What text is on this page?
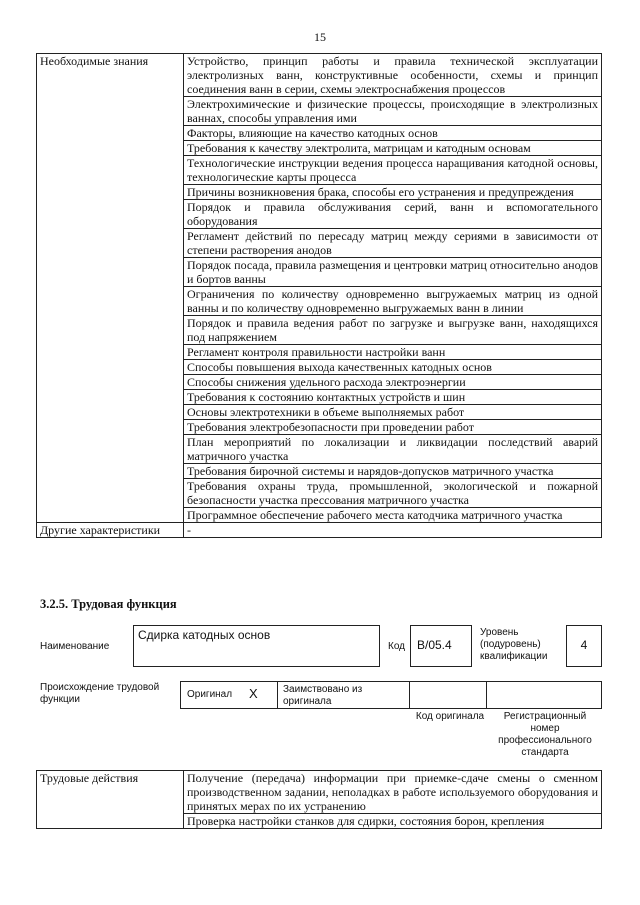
15
Необходимые знания	Устройство, принцип работы и правила технической эксплуатации электролизных ванн, конструктивные особенности, схемы и принцип соединения ванн в серии, схемы электроснабжения процессов
	Электрохимические и физические процессы, происходящие в электролизных ваннах, способы управления ими
	Факторы, влияющие на качество катодных основ
	Требования к качеству электролита, матрицам и катодным основам
	Технологические инструкции ведения процесса наращивания катодной основы, технологические карты процесса
	Причины возникновения брака, способы его устранения и предупреждения
	Порядок и правила обслуживания серий, ванн и вспомогательного оборудования
	Регламент действий по пересаду матриц между сериями в зависимости от степени растворения анодов
	Порядок посада, правила размещения и центровки матриц относительно анодов и бортов ванны
	Ограничения по количеству одновременно выгружаемых матриц из одной ванны и по количеству одновременно выгружаемых ванн в линии
	Порядок и правила ведения работ по загрузке и выгрузке ванн, находящихся под напряжением
	Регламент контроля правильности настройки ванн
	Способы повышения выхода качественных катодных основ
	Способы снижения удельного расхода электроэнергии
	Требования к состоянию контактных устройств и шин
	Основы электротехники в объеме выполняемых работ
	Требования электробезопасности при проведении работ
	План мероприятий по локализации и ликвидации последствий аварий матричного участка
	Требования бирочной системы и нарядов-допусков матричного участка
	Требования охраны труда, промышленной, экологической и пожарной безопасности участка прессования матричного участка
	Программное обеспечение рабочего места катодчика матричного участка
Другие характеристики	-
3.2.5. Трудовая функция
Наименование
Сдирка катодных основ
Код В/05.4
Уровень (подуровень) квалификации
4
Происхождение трудовой функции	Оригинал Х	Заимствовано из оригинала
Код оригинала	Регистрационный номер профессионального стандарта
Трудовые действия	Получение (передача) информации при приемке-сдаче смены о сменном производственном задании, неполадках в работе используемого оборудования и принятых мерах по их устранению
Проверка настройки станков для сдирки, состояния борон, крепления
